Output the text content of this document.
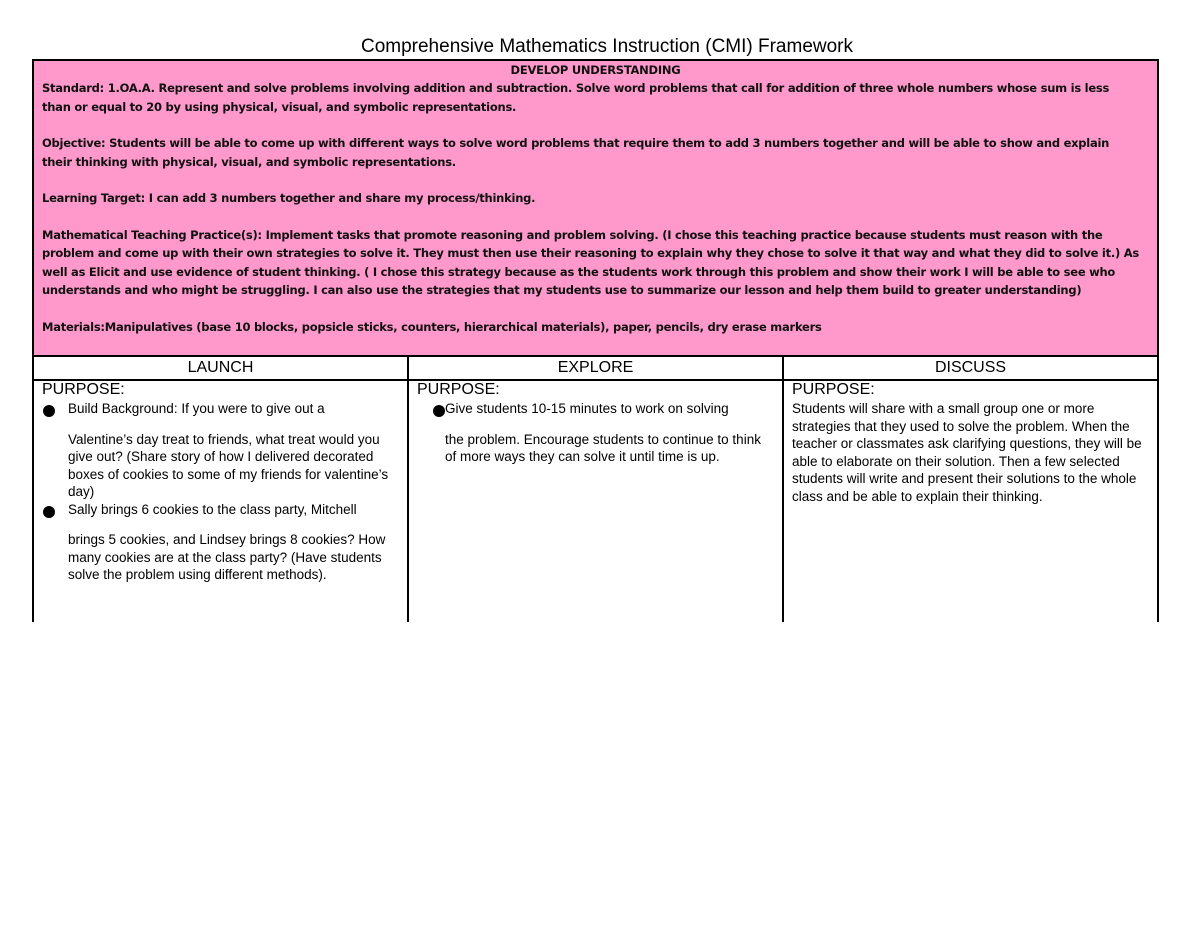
Comprehensive Mathematics Instruction (CMI) Framework
DEVELOP UNDERSTANDING
Standard: 1.OA.A. Represent and solve problems involving addition and subtraction. Solve word problems that call for addition of three whole numbers whose sum is less than or equal to 20 by using physical, visual, and symbolic representations.
Objective: Students will be able to come up with different ways to solve word problems that require them to add 3 numbers together and will be able to show and explain their thinking with physical, visual, and symbolic representations.
Learning Target: I can add 3 numbers together and share my process/thinking.
Mathematical Teaching Practice(s): Implement tasks that promote reasoning and problem solving. (I chose this teaching practice because students must reason with the problem and come up with their own strategies to solve it. They must then use their reasoning to explain why they chose to solve it that way and what they did to solve it.) As well as Elicit and use evidence of student thinking. ( I chose this strategy because as the students work through this problem and show their work I will be able to see who understands and who might be struggling. I can also use the strategies that my students use to summarize our lesson and help them build to greater understanding)
Materials:Manipulatives (base 10 blocks, popsicle sticks, counters, hierarchical materials), paper, pencils, dry erase markers
LAUNCH	EXPLORE	DISCUSS
PURPOSE:
Build Background: If you were to give out a
Valentine’s day treat to friends, what treat would you give out? (Share story of how I delivered decorated boxes of cookies to some of my friends for valentine’s day)
Sally brings 6 cookies to the class party, Mitchell
brings 5 cookies, and Lindsey brings 8 cookies? How many cookies are at the class party? (Have students solve the problem using different methods).
PURPOSE:
Give students 10-15 minutes to work on solving
the problem. Encourage students to continue to think of more ways they can solve it until time is up.
PURPOSE:
Students will share with a small group one or more strategies that they used to solve the problem. When the teacher or classmates ask clarifying questions, they will be able to elaborate on their solution. Then a few selected students will write and present their solutions to the whole class and be able to explain their thinking.
